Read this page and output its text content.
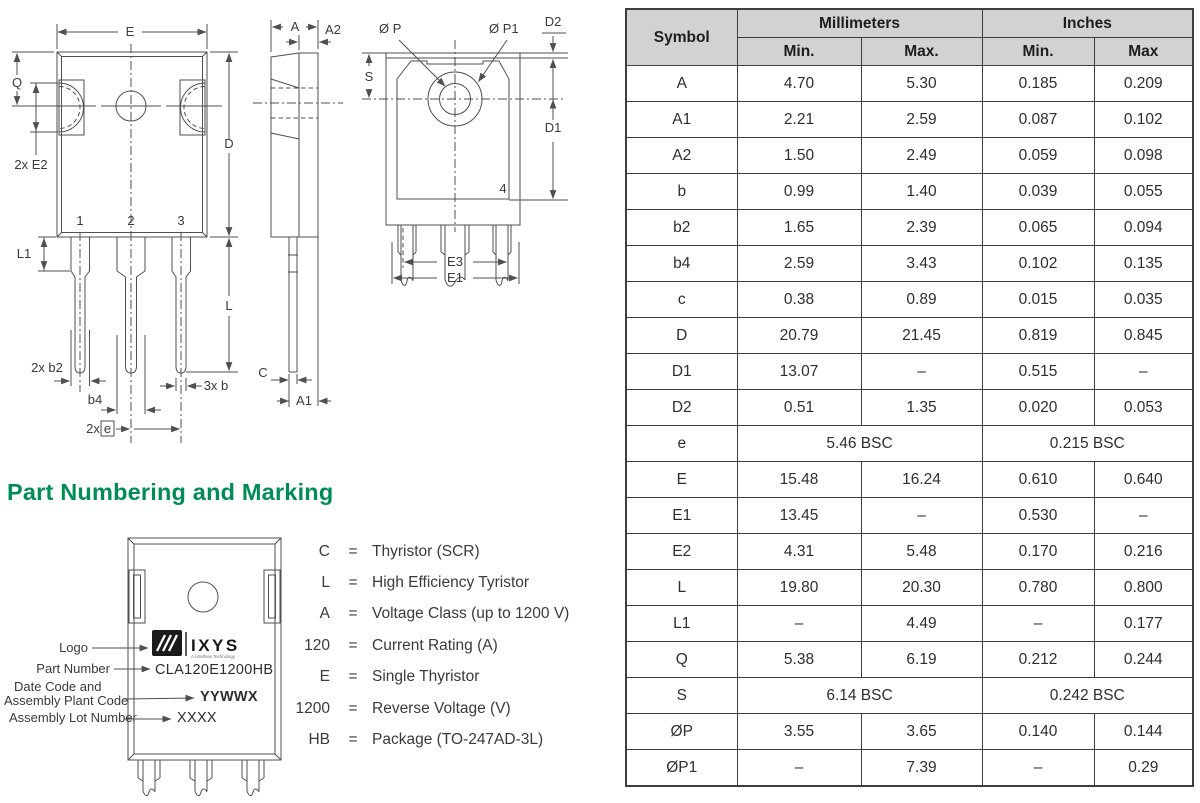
E
Q
2x E2
D
1	2	3
L1
L
2x b2
b4
3x b
2x e
A A2
C
A1
Ø P	Ø P1 D2
S
D1
4
E3
E1
IXYS
A Littelfuse Technology
CLA120E1200HB
YYWWX
XXXX
Logo
Part Number
Date Code and
Assembly Plant Code
Assembly Lot Number
Part Numbering and Marking
C = Thyristor (SCR)
L = High Efficiency Tyristor
A = Voltage Class (up to 1200 V)
120 = Current Rating (A)
E = Single Thyristor
1200 = Reverse Voltage (V)
HB = Package (TO-247AD-3L)
Symbol	Millimeters		Inches	
	Min.	Max.	Min.	Max
A	4.70	5.30	0.185	0.209
A1	2.21	2.59	0.087	0.102
A2	1.50	2.49	0.059	0.098
b	0.99	1.40	0.039	0.055
b2	1.65	2.39	0.065	0.094
b4	2.59	3.43	0.102	0.135
c	0.38	0.89	0.015	0.035
D	20.79	21.45	0.819	0.845
D1	13.07	–	0.515	–
D2	0.51	1.35	0.020	0.053
e	5.46 BSC		0.215 BSC	
E	15.48	16.24	0.610	0.640
E1	13.45	–	0.530	–
E2	4.31	5.48	0.170	0.216
L	19.80	20.30	0.780	0.800
L1	–	4.49	–	0.177
Q	5.38	6.19	0.212	0.244
S	6.14 BSC		0.242 BSC	
ØP	3.55	3.65	0.140	0.144
ØP1	–	7.39	–	0.29
